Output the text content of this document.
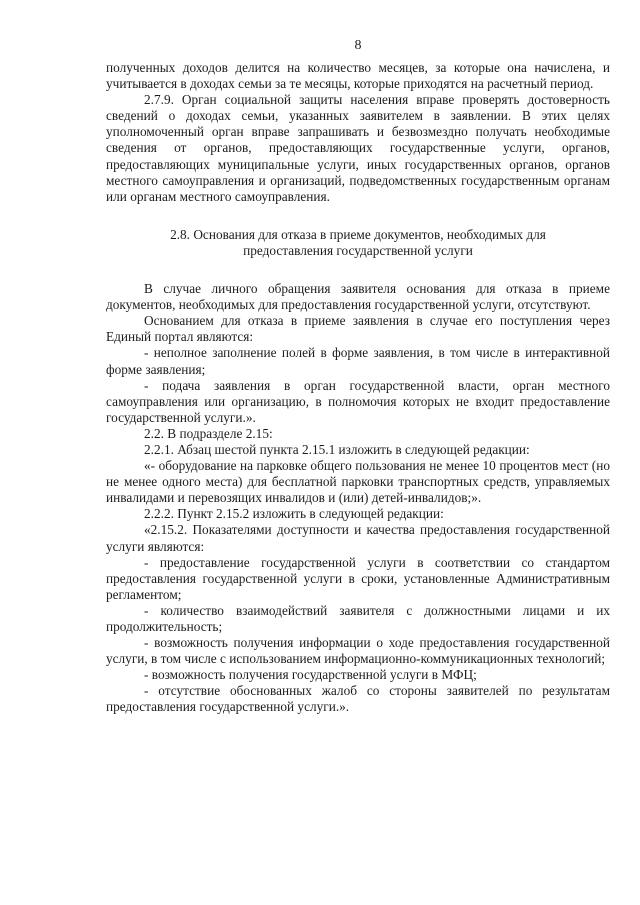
8

полученных доходов делится на количество месяцев, за которые она начислена, и учитывается в доходах семьи за те месяцы, которые приходятся на расчетный период.

2.7.9. Орган социальной защиты населения вправе проверять достоверность сведений о доходах семьи, указанных заявителем в заявлении. В этих целях уполномоченный орган вправе запрашивать и безвозмездно получать необходимые сведения от органов, предоставляющих государственные услуги, органов, предоставляющих муниципальные услуги, иных государственных органов, органов местного самоуправления и организаций, подведомственных государственным органам или органам местного самоуправления.

2.8. Основания для отказа в приеме документов, необходимых для
предоставления государственной услуги

В случае личного обращения заявителя основания для отказа в приеме документов, необходимых для предоставления государственной услуги, отсутствуют.

Основанием для отказа в приеме заявления в случае его поступления через Единый портал являются:

- неполное заполнение полей в форме заявления, в том числе в интерактивной форме заявления;

- подача заявления в орган государственной власти, орган местного самоуправления или организацию, в полномочия которых не входит предоставление государственной услуги.».

2.2. В подразделе 2.15:

2.2.1. Абзац шестой пункта 2.15.1 изложить в следующей редакции:

«- оборудование на парковке общего пользования не менее 10 процентов мест (но не менее одного места) для бесплатной парковки транспортных средств, управляемых инвалидами и перевозящих инвалидов и (или) детей-инвалидов;».

2.2.2. Пункт 2.15.2 изложить в следующей редакции:

«2.15.2. Показателями доступности и качества предоставления государственной услуги являются:

- предоставление государственной услуги в соответствии со стандартом предоставления государственной услуги в сроки, установленные Административным регламентом;

- количество взаимодействий заявителя с должностными лицами и их продолжительность;

- возможность получения информации о ходе предоставления государственной услуги, в том числе с использованием информационно-коммуникационных технологий;

- возможность получения государственной услуги в МФЦ;

- отсутствие обоснованных жалоб со стороны заявителей по результатам предоставления государственной услуги.».
